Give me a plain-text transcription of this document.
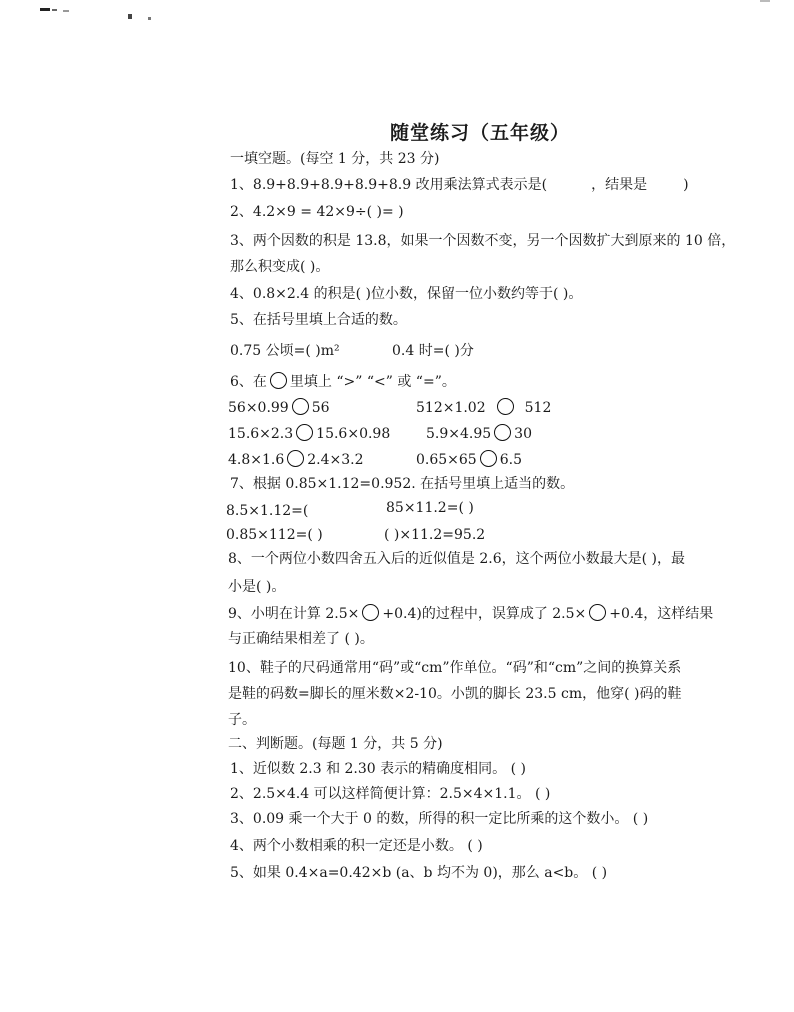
随堂练习（五年级）
一填空题。(每空 1 分，共 23 分)
1、8.9+8.9+8.9+8.9+8.9 改用乘法算式表示是(	，结果是	)
2、4.2×9 = 42×9÷( )= )
3、两个因数的积是 13.8，如果一个因数不变，另一个因数扩大到原来的 10 倍，
那么积变成( )。
4、0.8×2.4 的积是( )位小数，保留一位小数约等于( )。
5、在括号里填上合适的数。
0.75 公顷=( )m²	0.4 时=( )分
6、在 里填上 “>” “<” 或 “=”。
56×0.99 56	512×1.02	512
15.6×2.3 15.6×0.98	5.9×4.95 30
4.8×1.6 2.4×3.2	0.65×65 6.5
7、根据 0.85×1.12=0.952. 在括号里填上适当的数。
8.5×1.12=(	85×11.2=( )
0.85×112=( )	( )×11.2=95.2
8、一个两位小数四舍五入后的近似值是 2.6，这个两位小数最大是( )，最
小是( )。
9、小明在计算 2.5× +0.4)的过程中，误算成了 2.5× +0.4，这样结果
与正确结果相差了 ( )。
10、鞋子的尺码通常用“码”或“cm”作单位。“码”和“cm”之间的换算关系
是鞋的码数=脚长的厘米数×2-10。小凯的脚长 23.5 cm，他穿( )码的鞋
子。
二、判断题。(每题 1 分，共 5 分)
1、近似数 2.3 和 2.30 表示的精确度相同。 ( )
2、2.5×4.4 可以这样简便计算：2.5×4×1.1。 ( )
3、0.09 乘一个大于 0 的数，所得的积一定比所乘的这个数小。 ( )
4、两个小数相乘的积一定还是小数。 ( )
5、如果 0.4×a=0.42×b (a、b 均不为 0)，那么 a<b。 ( )
